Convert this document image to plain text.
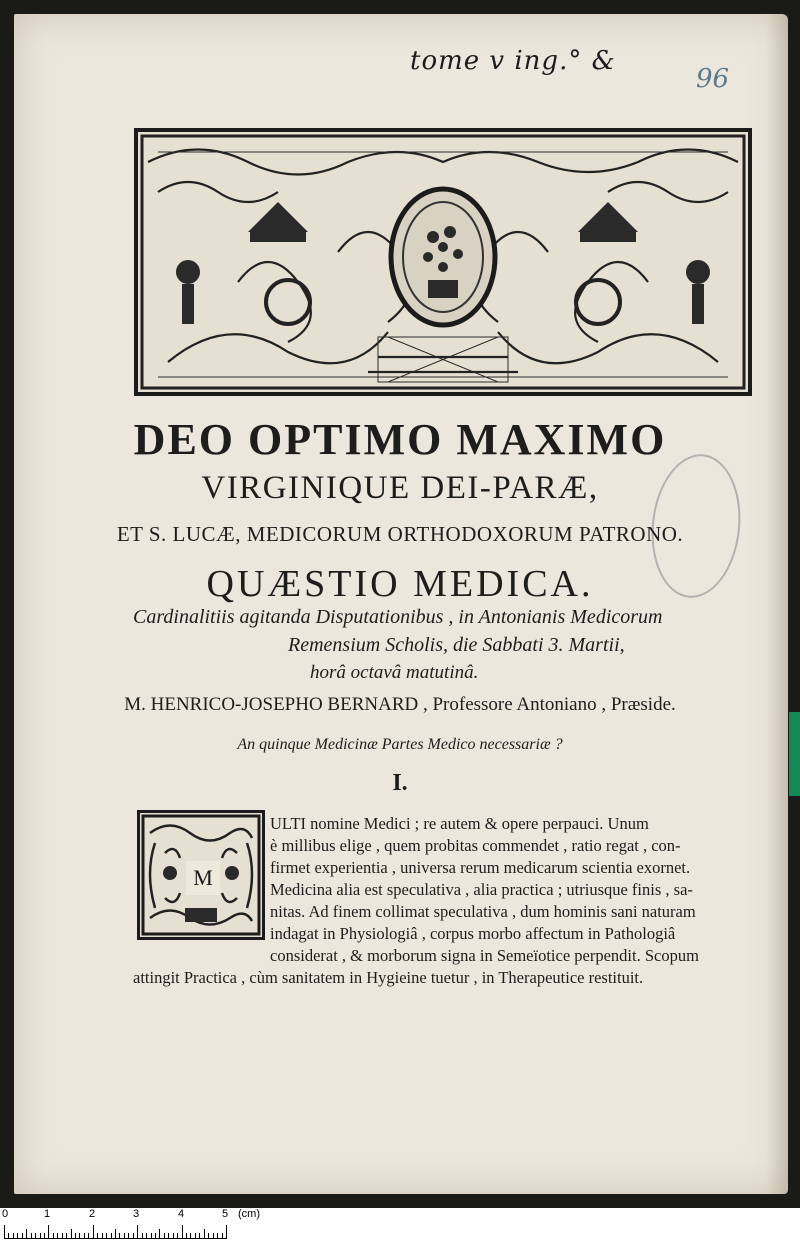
tome v ing.° &
96
DEO OPTIMO MAXIMO
VIRGINIQUE DEI-PARÆ,
ET S. LUCÆ, MEDICORUM ORTHODOXORUM PATRONO.
QUÆSTIO MEDICA.
Cardinalitiis agitanda Disputationibus , in Antonianis Medicorum
Remensium Scholis, die Sabbati 3. Martii,
horâ octavâ matutinâ.
M. HENRICO-JOSEPHO BERNARD , Professore Antoniano , Præside.
An quinque Medicinæ Partes Medico necessariæ ?
I.
M
ULTI nomine Medici ; re autem & opere perpauci. Unum
è millibus elige , quem probitas commendet , ratio regat , con-
firmet experientia , universa rerum medicarum scientia exornet.
Medicina alia est speculativa , alia practica ; utriusque finis , sa-
nitas. Ad finem collimat speculativa , dum hominis sani naturam
indagat in Physiologiâ , corpus morbo affectum in Pathologiâ
considerat , & morborum signa in Semeïotice perpendit. Scopum
attingit Practica , cùm sanitatem in Hygieine tuetur , in Therapeutice restituit.
0	1	2	3	4	5 (cm)
